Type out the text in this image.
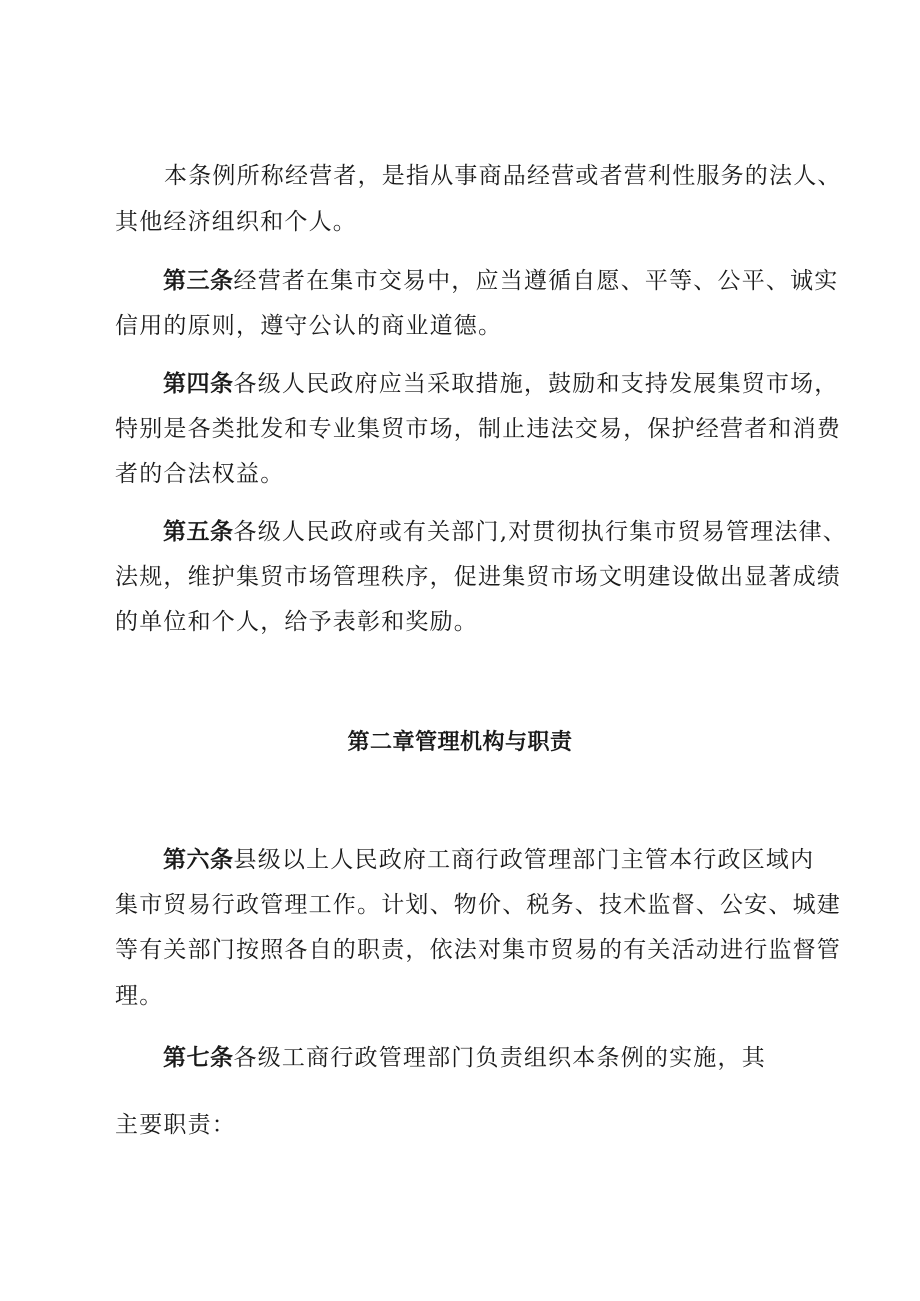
本条例所称经营者，是指从事商品经营或者营利性服务的法人、
其他经济组织和个人。
第三条经营者在集市交易中，应当遵循自愿、平等、公平、诚实
信用的原则，遵守公认的商业道德。
第四条各级人民政府应当采取措施，鼓励和支持发展集贸市场，
特别是各类批发和专业集贸市场，制止违法交易，保护经营者和消费
者的合法权益。
第五条各级人民政府或有关部门,对贯彻执行集市贸易管理法律、
法规，维护集贸市场管理秩序，促进集贸市场文明建设做出显著成绩
的单位和个人，给予表彰和奖励。
第二章管理机构与职责
第六条县级以上人民政府工商行政管理部门主管本行政区域内
集市贸易行政管理工作。计划、物价、税务、技术监督、公安、城建
等有关部门按照各自的职责，依法对集市贸易的有关活动进行监督管
理。
第七条各级工商行政管理部门负责组织本条例的实施，其
主要职责：
